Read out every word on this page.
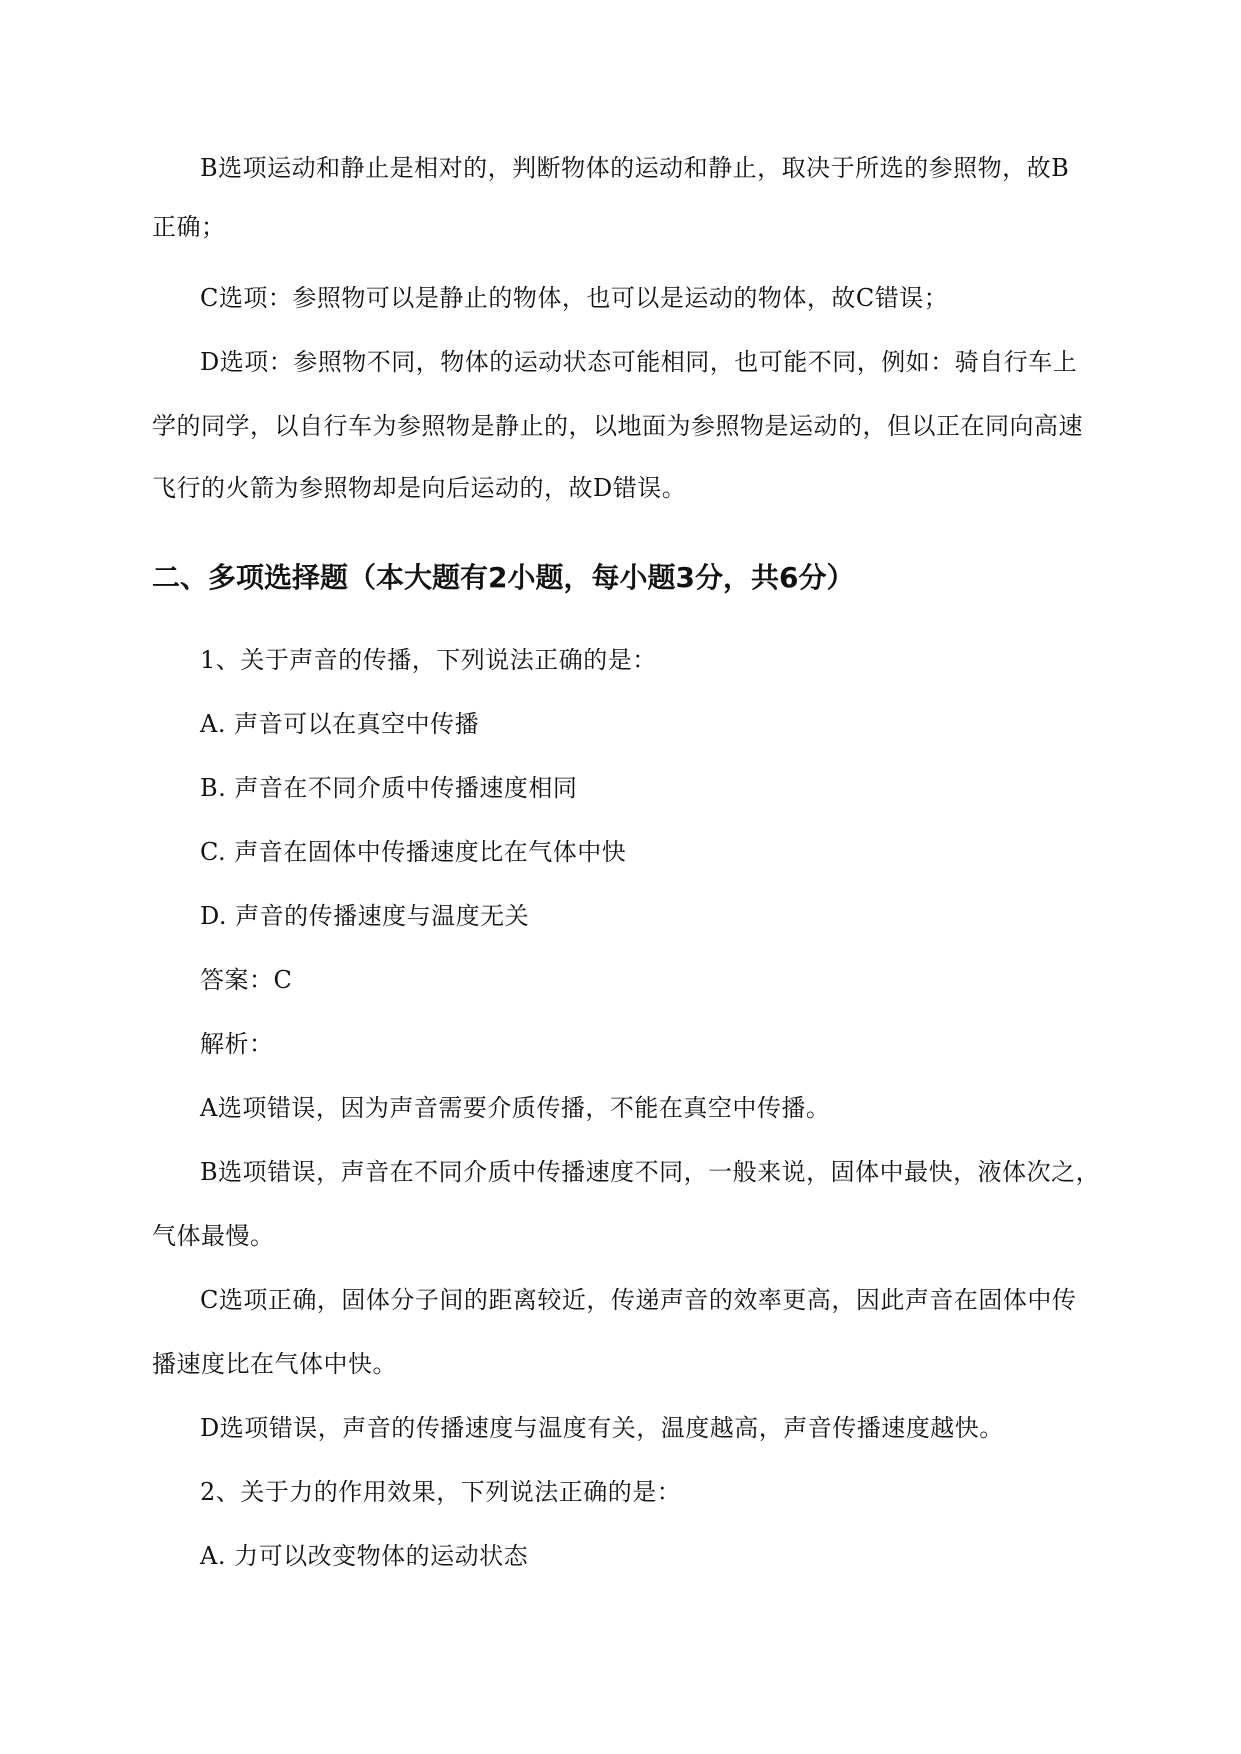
B选项运动和静止是相对的，判断物体的运动和静止，取决于所选的参照物，故B
正确；
C选项：参照物可以是静止的物体，也可以是运动的物体，故C错误；
D选项：参照物不同，物体的运动状态可能相同，也可能不同，例如：骑自行车上
学的同学，以自行车为参照物是静止的，以地面为参照物是运动的，但以正在同向高速
飞行的火箭为参照物却是向后运动的，故D错误。
二、多项选择题（本大题有2小题，每小题3分，共6分）
1、关于声音的传播，下列说法正确的是：
A. 声音可以在真空中传播
B. 声音在不同介质中传播速度相同
C. 声音在固体中传播速度比在气体中快
D. 声音的传播速度与温度无关
答案：C
解析：
A选项错误，因为声音需要介质传播，不能在真空中传播。
B选项错误，声音在不同介质中传播速度不同，一般来说，固体中最快，液体次之，
气体最慢。
C选项正确，固体分子间的距离较近，传递声音的效率更高，因此声音在固体中传
播速度比在气体中快。
D选项错误，声音的传播速度与温度有关，温度越高，声音传播速度越快。
2、关于力的作用效果，下列说法正确的是：
A. 力可以改变物体的运动状态
